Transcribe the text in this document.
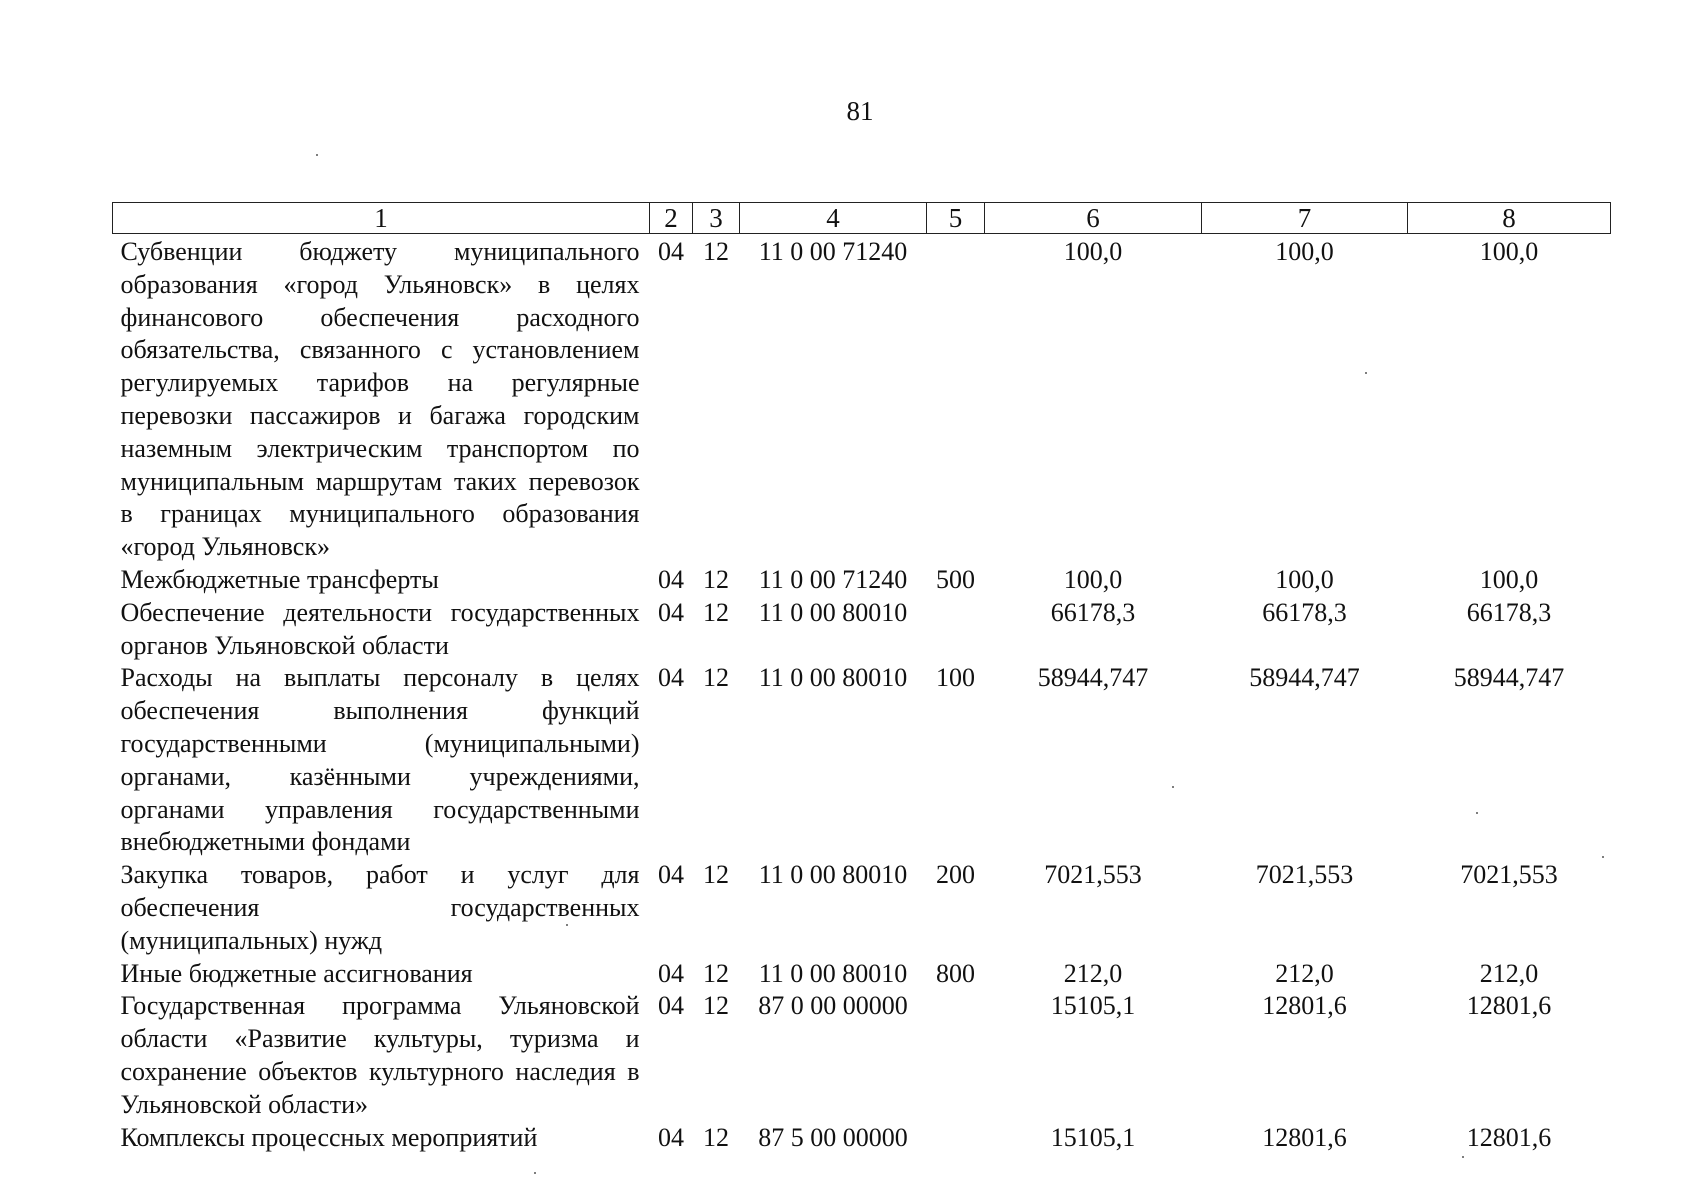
81
1	2	3	4	5	6	7	8
Субвенции бюджету муниципального образования «город Ульяновск» в целях финансового обеспечения расходного обязательства, связанного с установлением регулируемых тарифов на регулярные перевозки пассажиров и багажа городским наземным электрическим транспортом по муниципальным маршрутам таких перевозок в границах муниципального образования «город Ульяновск»	04	12	11 0 00 71240		100,0	100,0	100,0
Межбюджетные трансферты	04	12	11 0 00 71240	500	100,0	100,0	100,0
Обеспечение деятельности государственных органов Ульяновской области	04	12	11 0 00 80010		66178,3	66178,3	66178,3
Расходы на выплаты персоналу в целях обеспечения выполнения функций государственными (муниципальными) органами, казёнными учреждениями, органами управления государственными внебюджетными фондами	04	12	11 0 00 80010	100	58944,747	58944,747	58944,747
Закупка товаров, работ и услуг для обеспечения государственных (муниципальных) нужд	04	12	11 0 00 80010	200	7021,553	7021,553	7021,553
Иные бюджетные ассигнования	04	12	11 0 00 80010	800	212,0	212,0	212,0
Государственная программа Ульяновской области «Развитие культуры, туризма и сохранение объектов культурного наследия в Ульяновской области»	04	12	87 0 00 00000		15105,1	12801,6	12801,6
Комплексы процессных мероприятий	04	12	87 5 00 00000		15105,1	12801,6	12801,6
